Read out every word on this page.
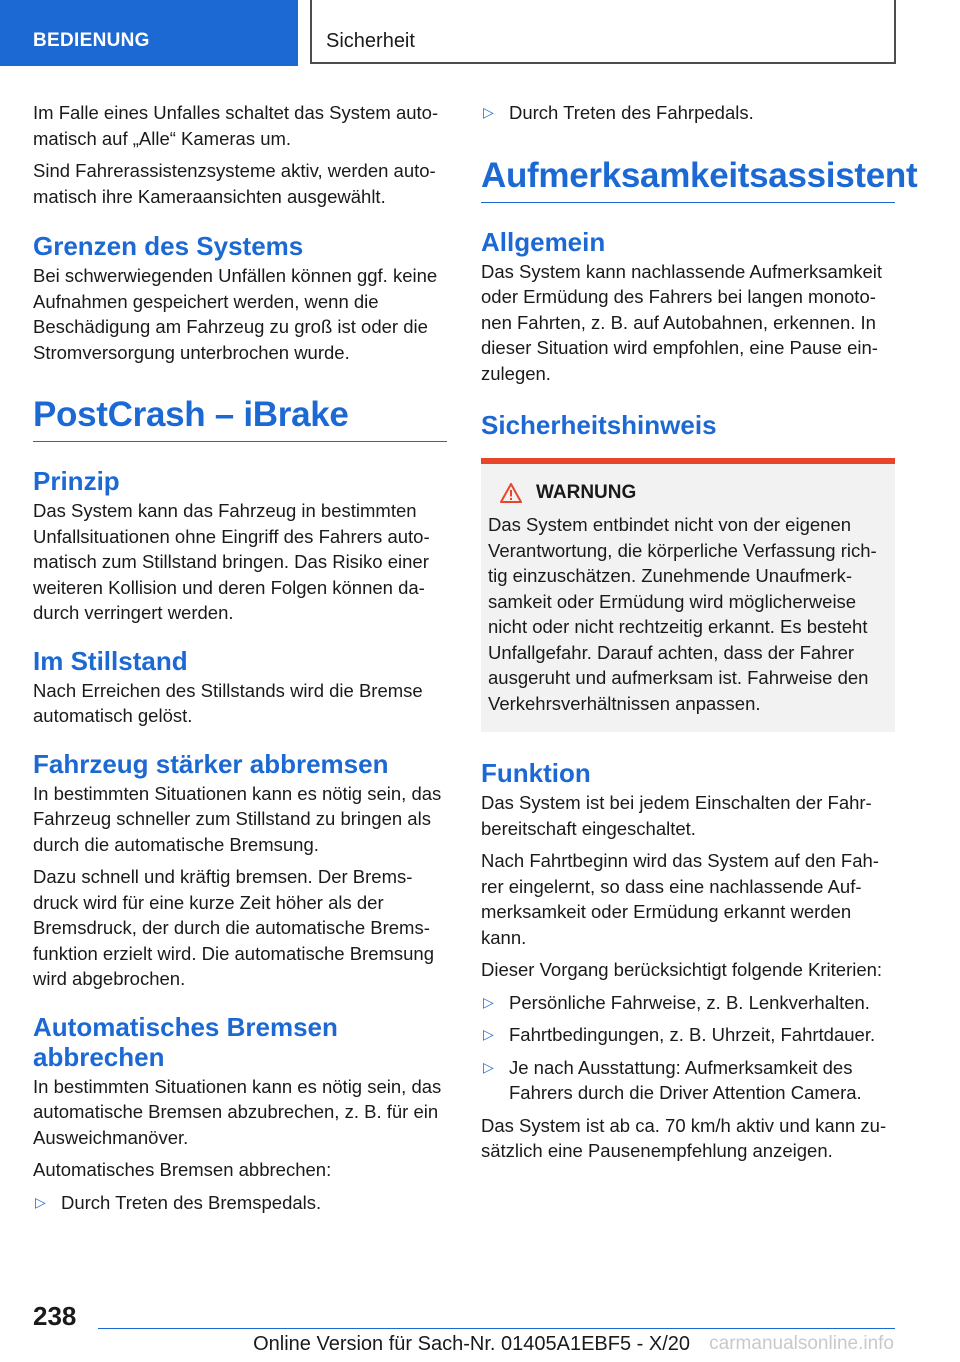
BEDIENUNG	Sicherheit

Im Falle eines Unfalles schaltet das System auto‐matisch auf „Alle“ Kameras um.

Sind Fahrerassistenzsysteme aktiv, werden auto‐matisch ihre Kameraansichten ausgewählt.

Grenzen des Systems

Bei schwerwiegenden Unfällen können ggf. keine Aufnahmen gespeichert werden, wenn die Beschädigung am Fahrzeug zu groß ist oder die Stromversorgung unterbrochen wurde.

PostCrash – iBrake
Prinzip

Das System kann das Fahrzeug in bestimmten Unfallsituationen ohne Eingriff des Fahrers auto‐matisch zum Stillstand bringen. Das Risiko einer weiteren Kollision und deren Folgen können da‐durch verringert werden.

Im Stillstand

Nach Erreichen des Stillstands wird die Bremse automatisch gelöst.

Fahrzeug stärker abbremsen

In bestimmten Situationen kann es nötig sein, das Fahrzeug schneller zum Stillstand zu bringen als durch die automatische Bremsung.

Dazu schnell und kräftig bremsen. Der Brems‐druck wird für eine kurze Zeit höher als der Bremsdruck, der durch die automatische Brems‐funktion erzielt wird. Die automatische Bremsung wird abgebrochen.

Automatisches Bremsen abbrechen

In bestimmten Situationen kann es nötig sein, das automatische Bremsen abzubrechen, z. B. für ein Ausweichmanöver.

Automatisches Bremsen abbrechen:

▷ Durch Treten des Bremspedals.
▷ Durch Treten des Fahrpedals.
Aufmerksamkeitsassistent
Allgemein

Das System kann nachlassende Aufmerksamkeit oder Ermüdung des Fahrers bei langen monoto‐nen Fahrten, z. B. auf Autobahnen, erkennen. In dieser Situation wird empfohlen, eine Pause ein‐zulegen.

Sicherheitshinweis
WARNUNG

Das System entbindet nicht von der eigenen Verantwortung, die körperliche Verfassung rich‐tig einzuschätzen. Zunehmende Unaufmerk‐samkeit oder Ermüdung wird möglicherweise nicht oder nicht rechtzeitig erkannt. Es besteht Unfallgefahr. Darauf achten, dass der Fahrer ausgeruht und aufmerksam ist. Fahrweise den Verkehrsverhältnissen anpassen.

Funktion

Das System ist bei jedem Einschalten der Fahr‐bereitschaft eingeschaltet.

Nach Fahrtbeginn wird das System auf den Fah‐rer eingelernt, so dass eine nachlassende Auf‐merksamkeit oder Ermüdung erkannt werden kann.

Dieser Vorgang berücksichtigt folgende Kriterien:

▷ Persönliche Fahrweise, z. B. Lenkverhalten.
▷ Fahrtbedingungen, z. B. Uhrzeit, Fahrtdauer.
▷ Je nach Ausstattung: Aufmerksamkeit des Fahrers durch die Driver Attention Camera.

Das System ist ab ca. 70 km/h aktiv und kann zu‐sätzlich eine Pausenempfehlung anzeigen.

238
Online Version für Sach-Nr. 01405A1EBF5 - X/20 carmanualsonline.info
